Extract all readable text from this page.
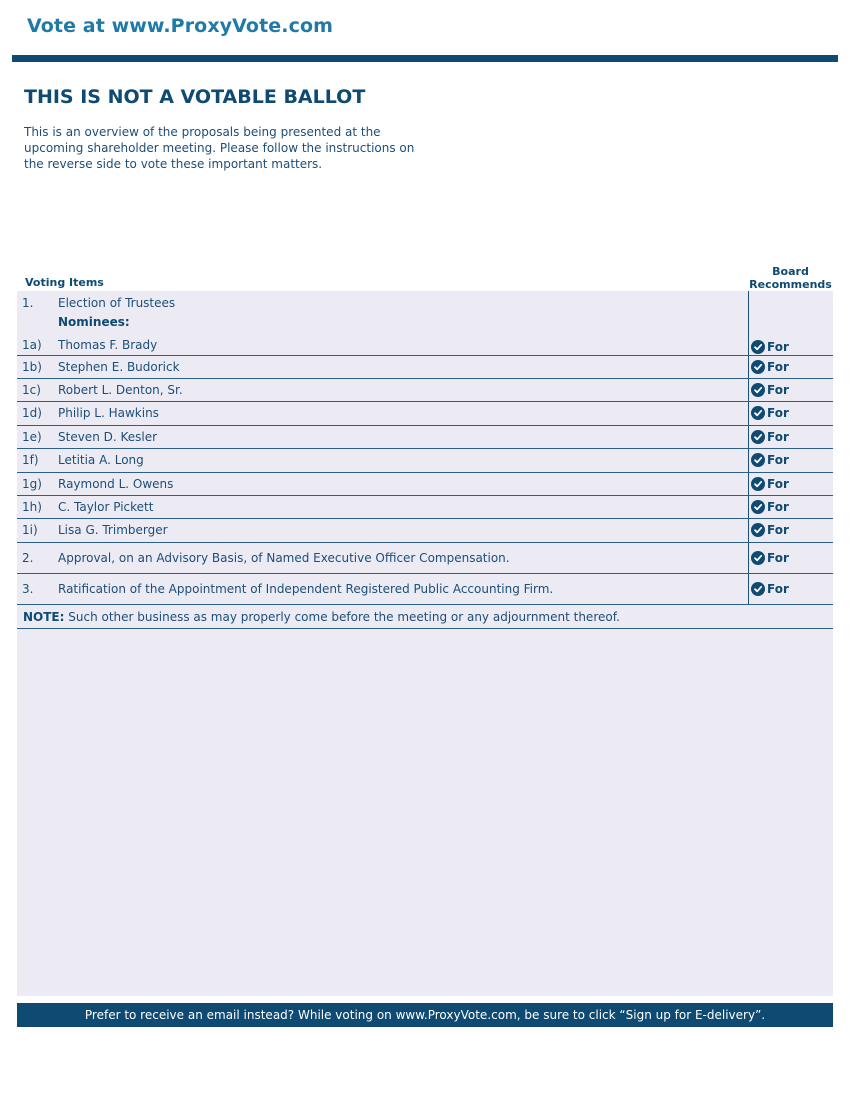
Vote at www.ProxyVote.com
THIS IS NOT A VOTABLE BALLOT

This is an overview of the proposals being presented at the upcoming shareholder meeting. Please follow the instructions on the reverse side to vote these important matters.

Voting Items
Board Recommends
1. Election of Trustees
Nominees:
1a) Thomas F. Brady	For
1b) Stephen E. Budorick	For
1c) Robert L. Denton, Sr.	For
1d) Philip L. Hawkins	For
1e) Steven D. Kesler	For
1f) Letitia A. Long	For
1g) Raymond L. Owens	For
1h) C. Taylor Pickett	For
1i) Lisa G. Trimberger	For
2. Approval, on an Advisory Basis, of Named Executive Officer Compensation.	For
3. Ratification of the Appointment of Independent Registered Public Accounting Firm.	For
NOTE: Such other business as may properly come before the meeting or any adjournment thereof.
Prefer to receive an email instead? While voting on www.ProxyVote.com, be sure to click “Sign up for E-delivery”.
